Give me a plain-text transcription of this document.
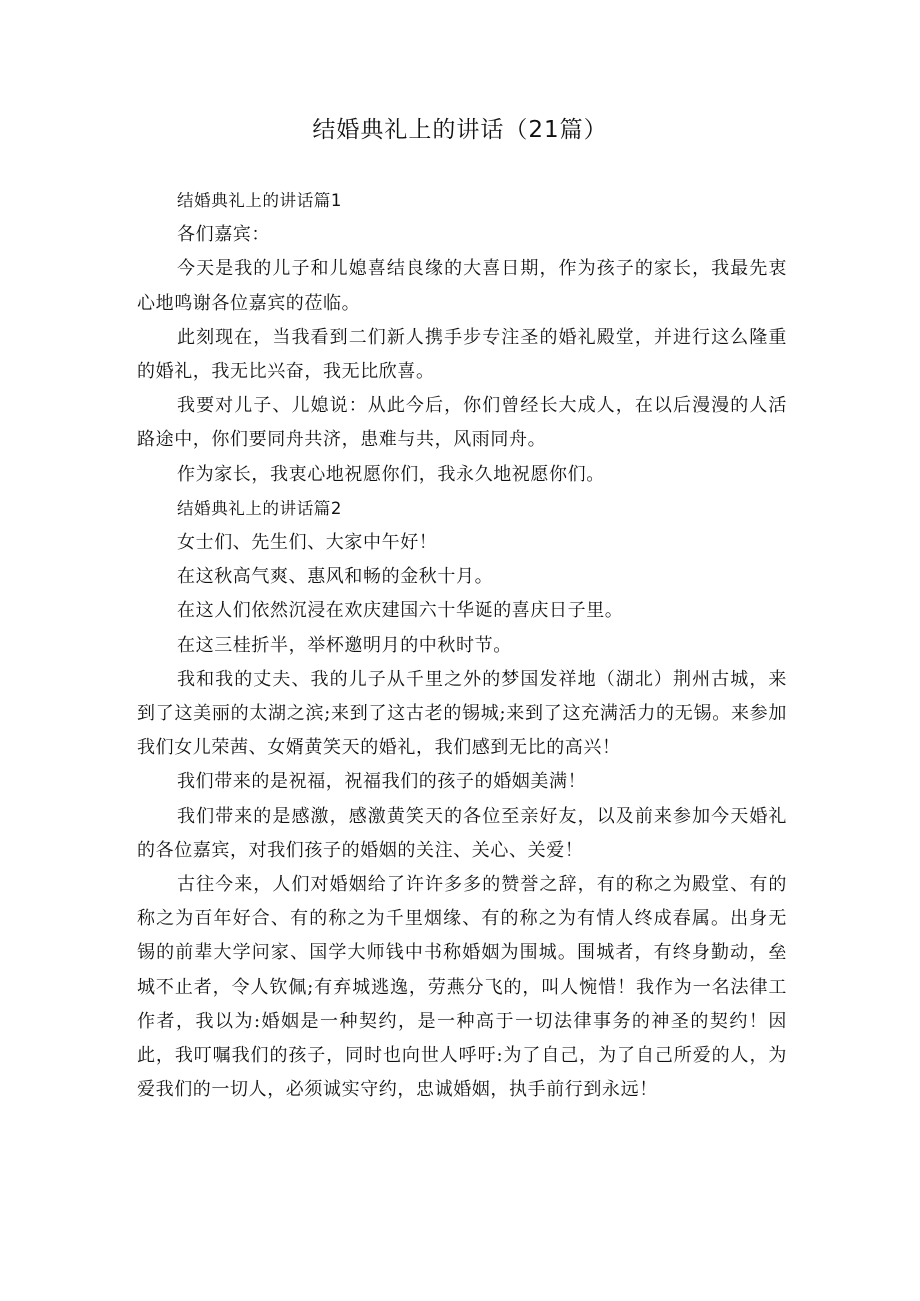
结婚典礼上的讲话（21篇）

结婚典礼上的讲话篇1

各们嘉宾：

今天是我的儿子和儿媳喜结良缘的大喜日期，作为孩子的家长，我最先衷心地鸣谢各位嘉宾的莅临。

此刻现在，当我看到二们新人携手步专注圣的婚礼殿堂，并进行这么隆重的婚礼，我无比兴奋，我无比欣喜。

我要对儿子、儿媳说：从此今后，你们曾经长大成人，在以后漫漫的人活路途中，你们要同舟共济，患难与共，风雨同舟。

作为家长，我衷心地祝愿你们，我永久地祝愿你们。

结婚典礼上的讲话篇2

女士们、先生们、大家中午好！

在这秋高气爽、惠风和畅的金秋十月。

在这人们依然沉浸在欢庆建国六十华诞的喜庆日子里。

在这三桂折半，举杯邀明月的中秋时节。

我和我的丈夫、我的儿子从千里之外的梦国发祥地（湖北）荆州古城，来到了这美丽的太湖之滨;来到了这古老的锡城;来到了这充满活力的无锡。来参加我们女儿荣茜、女婿黄笑天的婚礼，我们感到无比的高兴！

我们带来的是祝福，祝福我们的孩子的婚姻美满！

我们带来的是感激，感激黄笑天的各位至亲好友，以及前来参加今天婚礼的各位嘉宾，对我们孩子的婚姻的关注、关心、关爱！

古往今来，人们对婚姻给了许许多多的赞誉之辞，有的称之为殿堂、有的称之为百年好合、有的称之为千里烟缘、有的称之为有情人终成春属。出身无锡的前辈大学问家、国学大师钱中书称婚姻为围城。围城者，有终身勤动，垒城不止者，令人钦佩;有弃城逃逸，劳燕分飞的，叫人惋惜！我作为一名法律工作者，我以为:婚姻是一种契约，是一种高于一切法律事务的神圣的契约！因此，我叮嘱我们的孩子，同时也向世人呼吁:为了自己，为了自己所爱的人，为爱我们的一切人，必须诚实守约，忠诚婚姻，执手前行到永远！
